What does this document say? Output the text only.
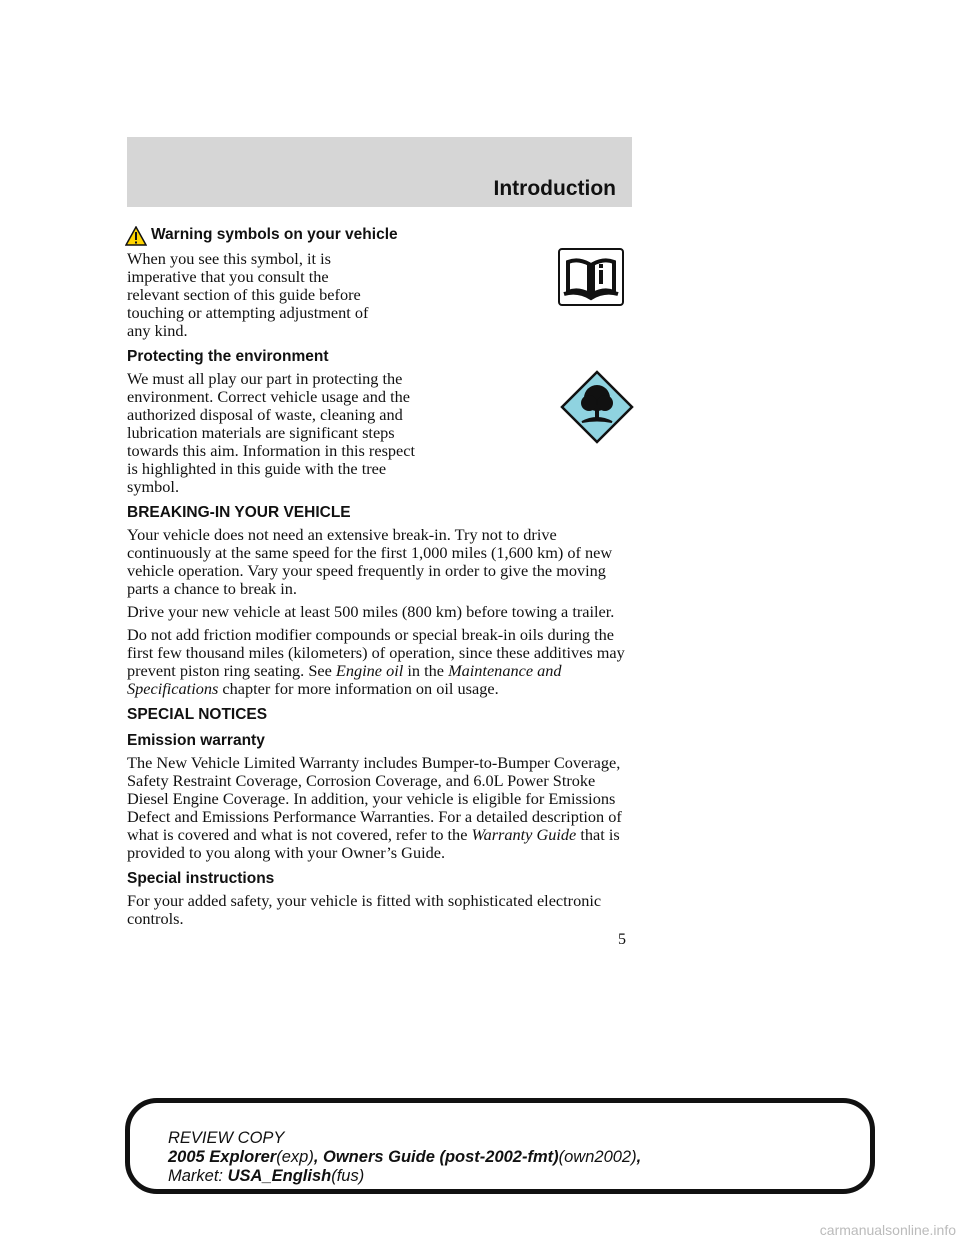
Introduction
Warning symbols on your vehicle

When you see this symbol, it is imperative that you consult the relevant section of this guide before touching or attempting adjustment of any kind.

Protecting the environment

We must all play our part in protecting the environment. Correct vehicle usage and the authorized disposal of waste, cleaning and lubrication materials are significant steps towards this aim. Information in this respect is highlighted in this guide with the tree symbol.

BREAKING-IN YOUR VEHICLE

Your vehicle does not need an extensive break-in. Try not to drive continuously at the same speed for the first 1,000 miles (1,600 km) of new vehicle operation. Vary your speed frequently in order to give the moving parts a chance to break in.

Drive your new vehicle at least 500 miles (800 km) before towing a trailer.

Do not add friction modifier compounds or special break-in oils during the first few thousand miles (kilometers) of operation, since these additives may prevent piston ring seating. See Engine oil in the Maintenance and Specifications chapter for more information on oil usage.

SPECIAL NOTICES
Emission warranty

The New Vehicle Limited Warranty includes Bumper-to-Bumper Coverage, Safety Restraint Coverage, Corrosion Coverage, and 6.0L Power Stroke Diesel Engine Coverage. In addition, your vehicle is eligible for Emissions Defect and Emissions Performance Warranties. For a detailed description of what is covered and what is not covered, refer to the Warranty Guide that is provided to you along with your Owner’s Guide.

Special instructions

For your added safety, your vehicle is fitted with sophisticated electronic controls.

5
REVIEW COPY
2005 Explorer(exp), Owners Guide (post-2002-fmt)(own2002),
Market: USA_English(fus)
carmanualsonline.info
